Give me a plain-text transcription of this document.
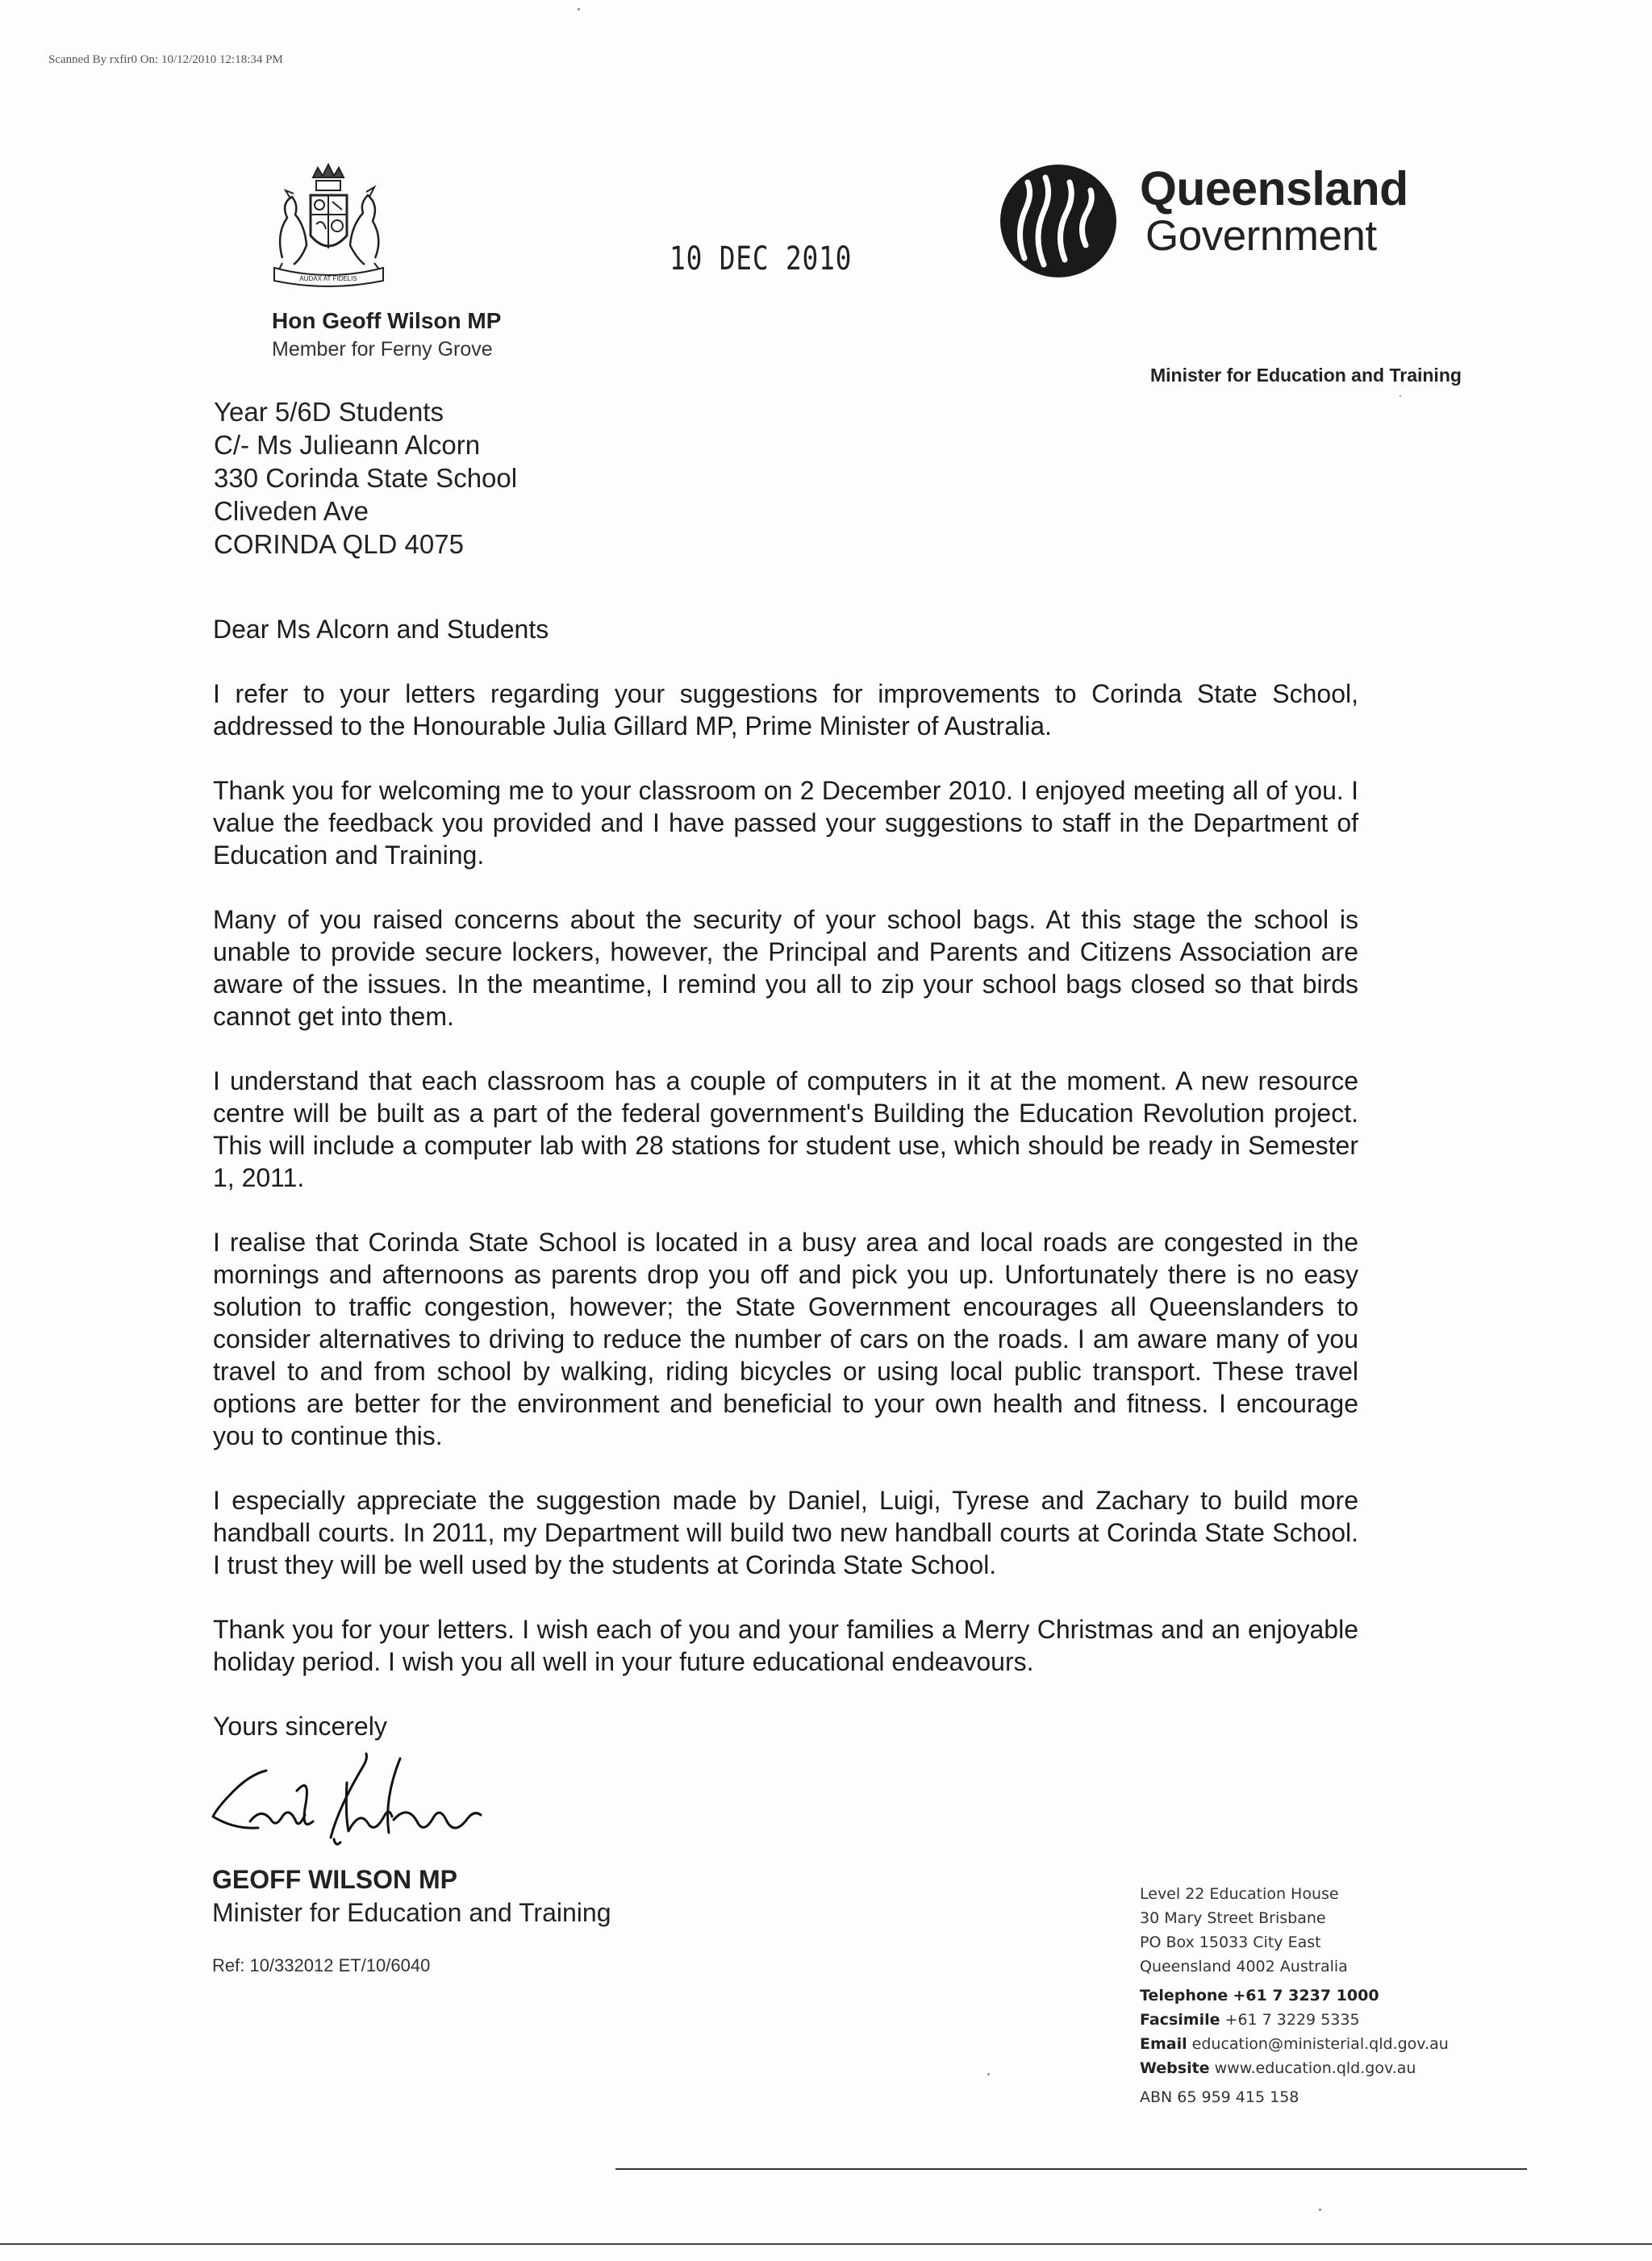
Scanned By rxfir0 On: 10/12/2010 12:18:34 PM
AUDAX AT FIDELIS
Hon Geoff Wilson MP
Member for Ferny Grove
10 DEC 2010
Queensland
Government
Minister for Education and Training
Year 5/6D Students
C/- Ms Julieann Alcorn
330 Corinda State School
Cliveden Ave
CORINDA QLD 4075

Dear Ms Alcorn and Students

I refer to your letters regarding your suggestions for improvements to Corinda State School, addressed to the Honourable Julia Gillard MP, Prime Minister of Australia.

Thank you for welcoming me to your classroom on 2 December 2010. I enjoyed meeting all of you. I value the feedback you provided and I have passed your suggestions to staff in the Department of Education and Training.

Many of you raised concerns about the security of your school bags. At this stage the school is unable to provide secure lockers, however, the Principal and Parents and Citizens Association are aware of the issues. In the meantime, I remind you all to zip your school bags closed so that birds cannot get into them.

I understand that each classroom has a couple of computers in it at the moment. A new resource centre will be built as a part of the federal government's Building the Education Revolution project. This will include a computer lab with 28 stations for student use, which should be ready in Semester 1, 2011.

I realise that Corinda State School is located in a busy area and local roads are congested in the mornings and afternoons as parents drop you off and pick you up. Unfortunately there is no easy solution to traffic congestion, however; the State Government encourages all Queenslanders to consider alternatives to driving to reduce the number of cars on the roads. I am aware many of you travel to and from school by walking, riding bicycles or using local public transport. These travel options are better for the environment and beneficial to your own health and fitness. I encourage you to continue this.

I especially appreciate the suggestion made by Daniel, Luigi, Tyrese and Zachary to build more handball courts. In 2011, my Department will build two new handball courts at Corinda State School. I trust they will be well used by the students at Corinda State School.

Thank you for your letters. I wish each of you and your families a Merry Christmas and an enjoyable holiday period. I wish you all well in your future educational endeavours.

Yours sincerely

GEOFF WILSON MP
Minister for Education and Training
Ref: 10/332012 ET/10/6040
Level 22 Education House
30 Mary Street Brisbane
PO Box 15033 City East
Queensland 4002 Australia
Telephone +61 7 3237 1000
Facsimile +61 7 3229 5335
Email education@ministerial.qld.gov.au
Website www.education.qld.gov.au
ABN 65 959 415 158
